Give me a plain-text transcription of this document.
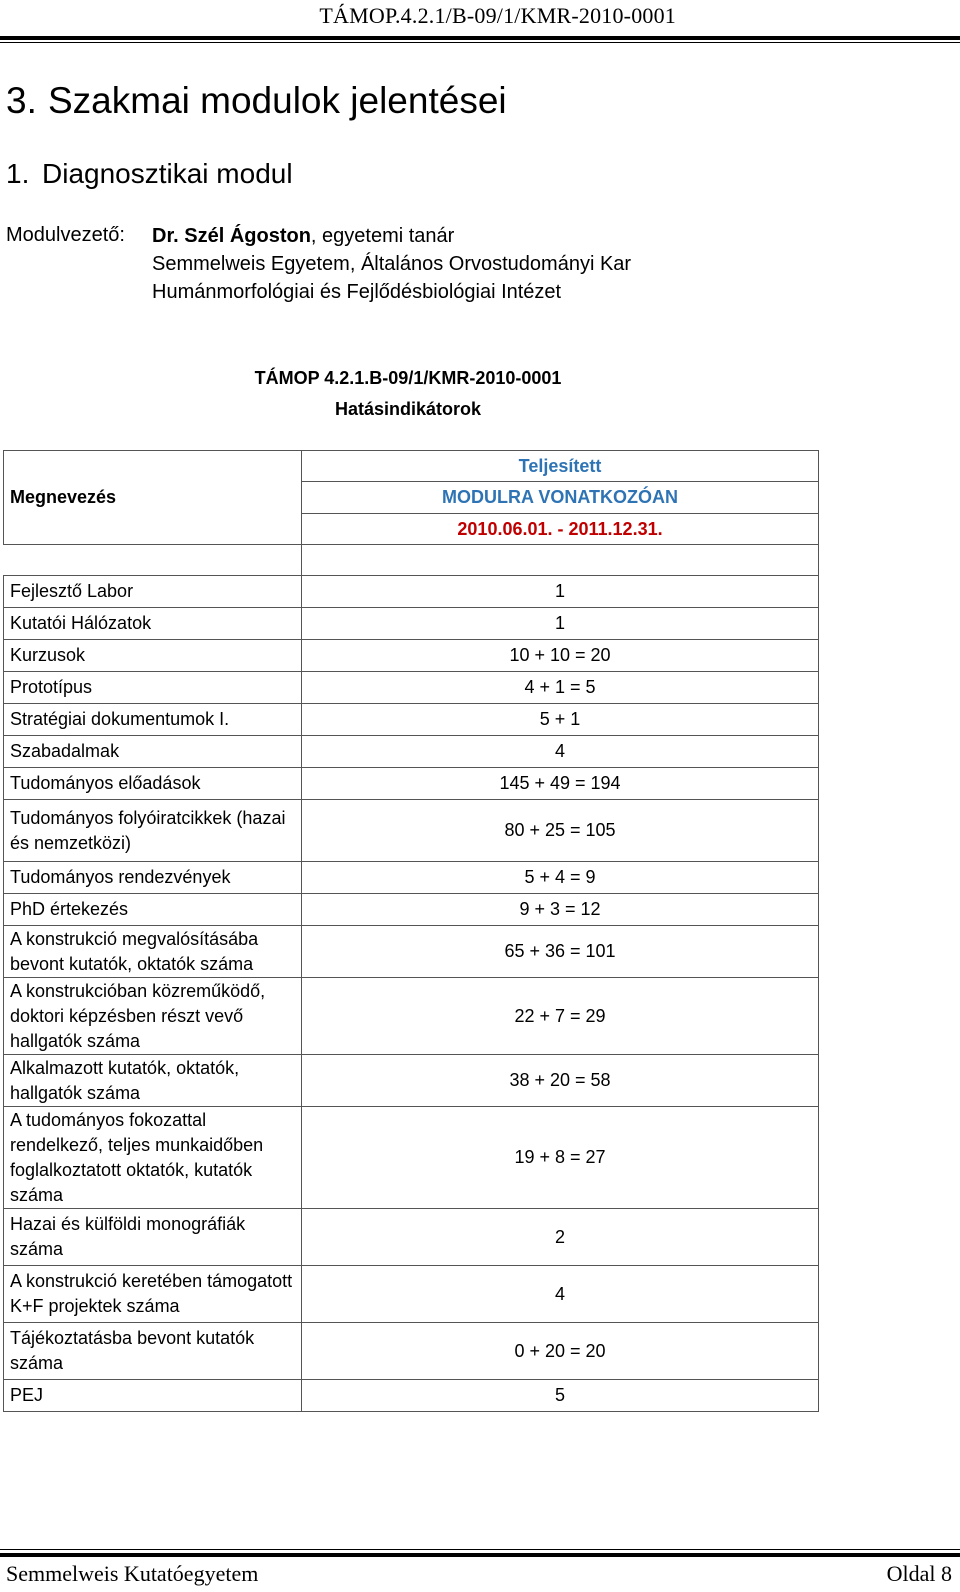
TÁMOP.4.2.1/B-09/1/KMR-2010-0001
3. Szakmai modulok jelentései
1. Diagnosztikai modul
Modulvezető: Dr. Szél Ágoston, egyetemi tanár
Semmelweis Egyetem, Általános Orvostudományi Kar
Humánmorfológiai és Fejlődésbiológiai Intézet
TÁMOP 4.2.1.B-09/1/KMR-2010-0001
Hatásindikátorok
Megnevezés	Teljesített
	MODULRA VONATKOZÓAN
	2010.06.01. - 2011.12.31.

Fejlesztő Labor	1
Kutatói Hálózatok	1
Kurzusok	10 + 10 = 20
Prototípus	4 + 1 = 5
Stratégiai dokumentumok I.	5 + 1
Szabadalmak	4
Tudományos előadások	145 + 49 = 194
Tudományos folyóiratcikkek (hazai és nemzetközi)	80 + 25 = 105
Tudományos rendezvények	5 + 4 = 9
PhD értekezés	9 + 3 = 12
A konstrukció megvalósításába bevont kutatók, oktatók száma	65 + 36 = 101
A konstrukcióban közreműködő, doktori képzésben részt vevő hallgatók száma	22 + 7 = 29
Alkalmazott kutatók, oktatók, hallgatók száma	38 + 20 = 58
A tudományos fokozattal rendelkező, teljes munkaidőben foglalkoztatott oktatók, kutatók száma	19 + 8 = 27
Hazai és külföldi monográfiák száma	2
A konstrukció keretében támogatott K+F projektek száma	4
Tájékoztatásba bevont kutatók száma	0 + 20 = 20
PEJ	5
Semmelweis Kutatóegyetem	Oldal 8
